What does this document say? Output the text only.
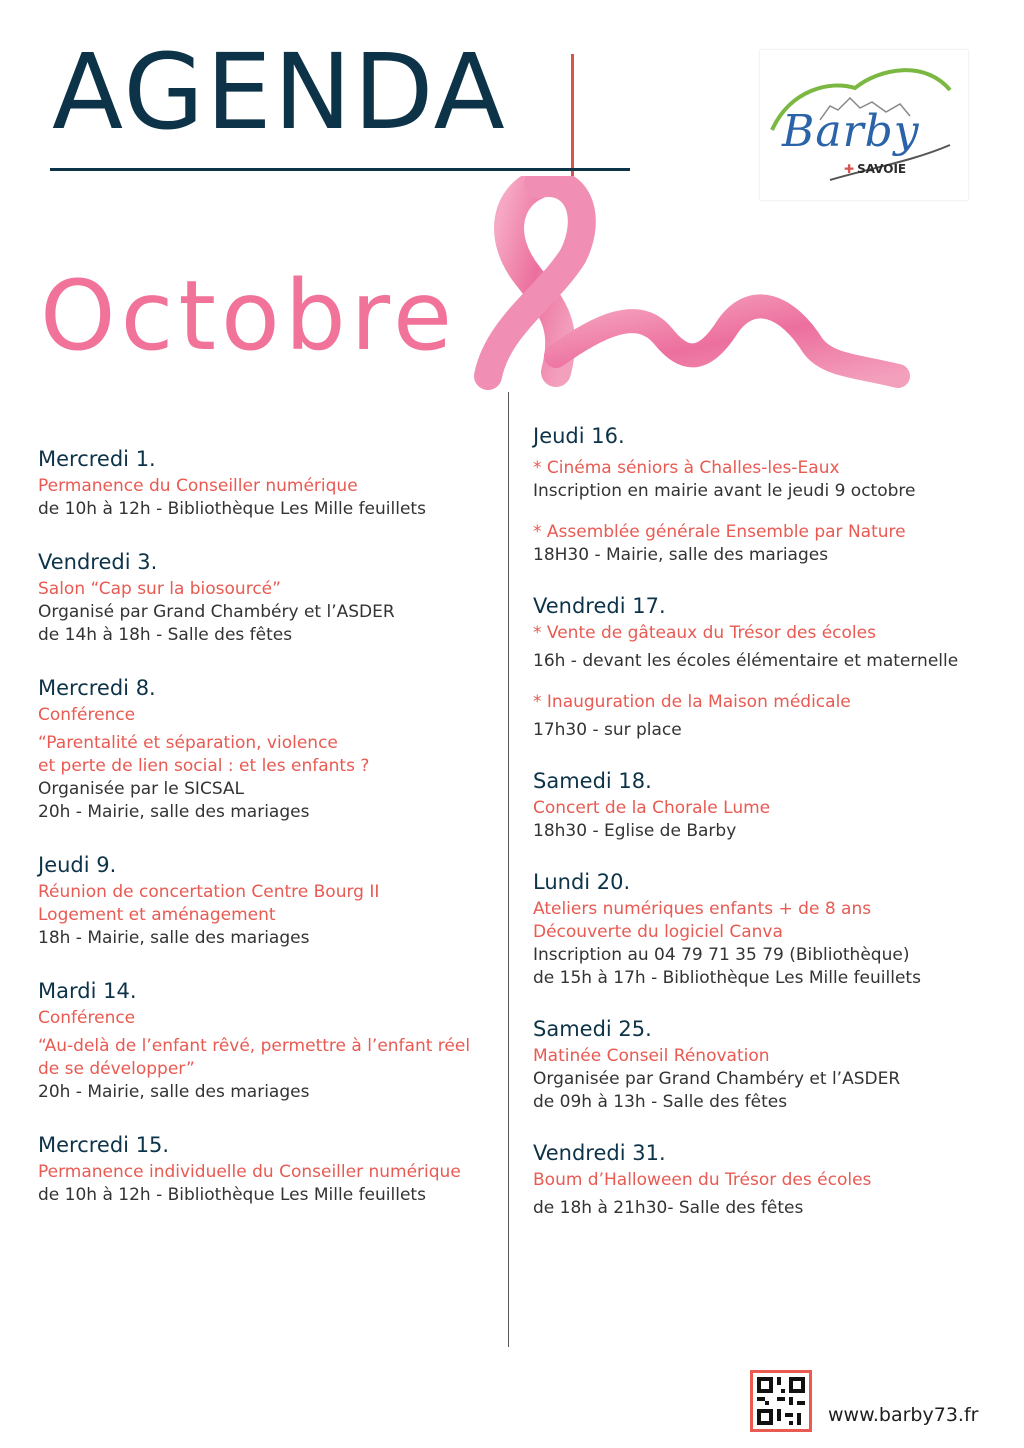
AGENDA
Octobre
Barby
✚ SAVOIE
Mercredi 1.
Permanence du Conseiller numérique
de 10h à 12h - Bibliothèque Les Mille feuillets
Vendredi 3.
Salon “Cap sur la biosourcé”
Organisé par Grand Chambéry et l’ASDER
de 14h à 18h - Salle des fêtes
Mercredi 8.
Conférence
“Parentalité et séparation, violence
et perte de lien social : et les enfants ?
Organisée par le SICSAL
20h - Mairie, salle des mariages
Jeudi 9.
Réunion de concertation Centre Bourg II
Logement et aménagement
18h - Mairie, salle des mariages
Mardi 14.
Conférence
“Au-delà de l’enfant rêvé, permettre à l’enfant réel
de se développer”
20h - Mairie, salle des mariages
Mercredi 15.
Permanence individuelle du Conseiller numérique
de 10h à 12h - Bibliothèque Les Mille feuillets
Jeudi 16.
* Cinéma séniors à Challes-les-Eaux
Inscription en mairie avant le jeudi 9 octobre
* Assemblée générale Ensemble par Nature
18H30 - Mairie, salle des mariages
Vendredi 17.
* Vente de gâteaux du Trésor des écoles
16h - devant les écoles élémentaire et maternelle
* Inauguration de la Maison médicale
17h30 - sur place
Samedi 18.
Concert de la Chorale Lume
18h30 - Eglise de Barby
Lundi 20.
Ateliers numériques enfants + de 8 ans
Découverte du logiciel Canva
Inscription au 04 79 71 35 79 (Bibliothèque)
de 15h à 17h - Bibliothèque Les Mille feuillets
Samedi 25.
Matinée Conseil Rénovation
Organisée par Grand Chambéry et l’ASDER
de 09h à 13h - Salle des fêtes
Vendredi 31.
Boum d’Halloween du Trésor des écoles
de 18h à 21h30- Salle des fêtes
www.barby73.fr
